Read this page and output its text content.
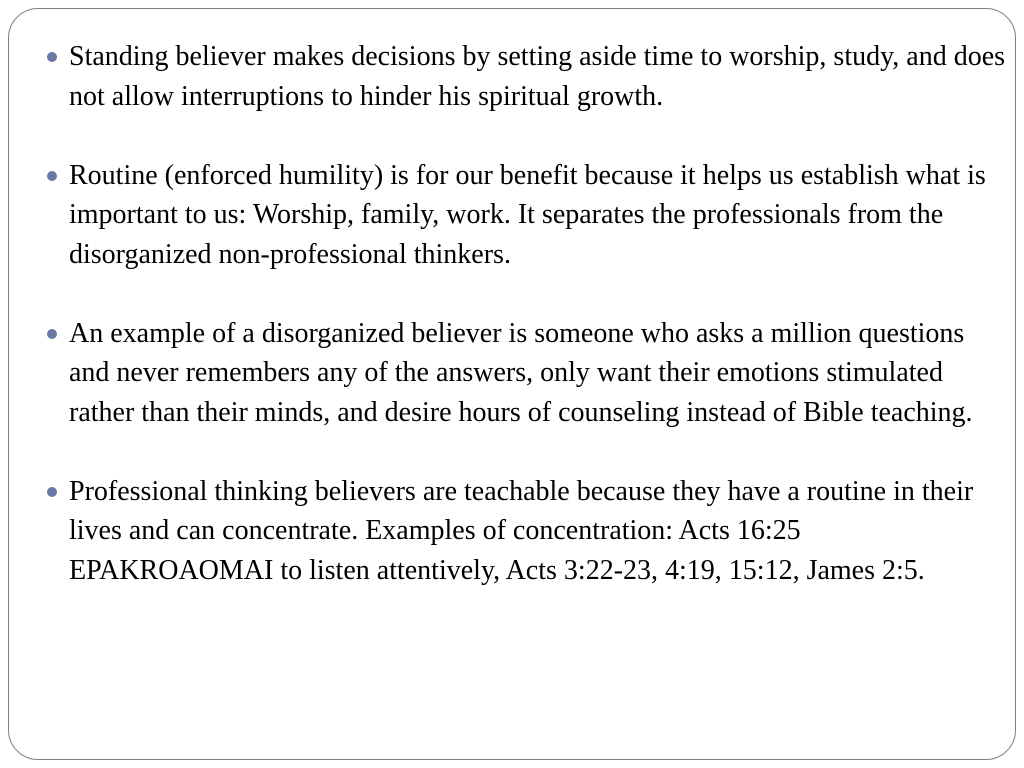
Standing believer makes decisions by setting aside time to worship, study, and does not allow interruptions to hinder his spiritual growth.
Routine (enforced humility) is for our benefit because it helps us establish what is important to us: Worship, family, work. It separates the professionals from the disorganized non-professional thinkers.
An example of a disorganized believer is someone who asks a million questions and never remembers any of the answers, only want their emotions stimulated rather than their minds, and desire hours of counseling instead of Bible teaching.
Professional thinking believers are teachable because they have a routine in their lives and can concentrate. Examples of concentration: Acts 16:25 EPAKROAOMAI to listen attentively, Acts 3:22-23, 4:19, 15:12, James 2:5.
